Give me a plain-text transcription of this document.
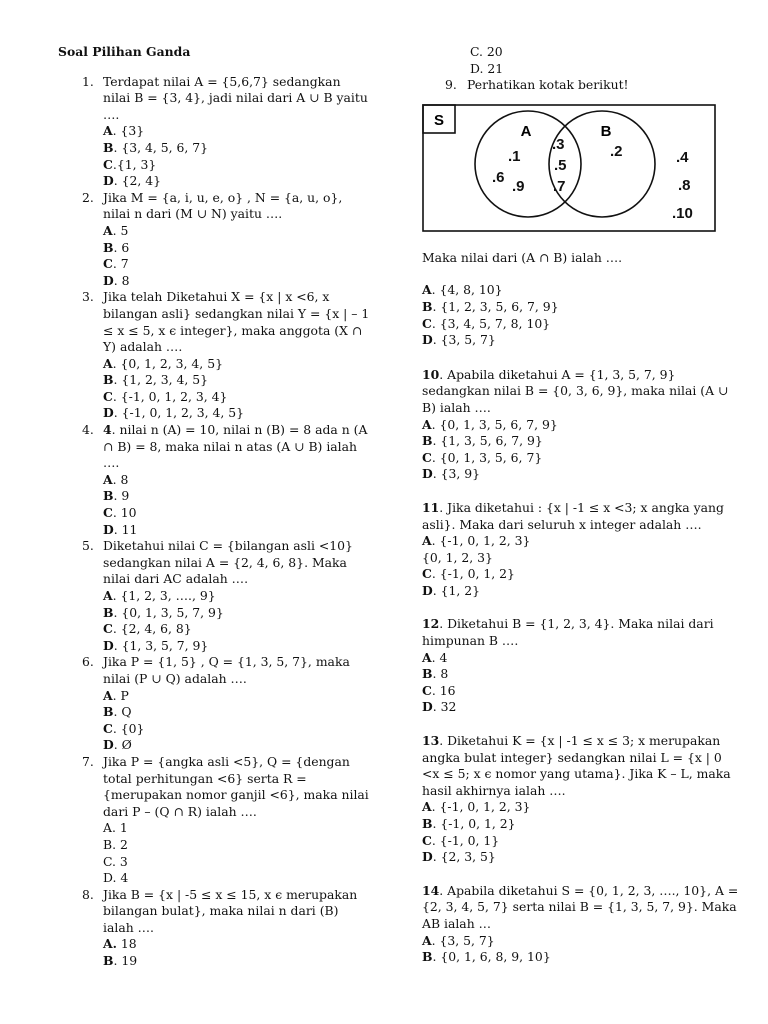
Soal Pilihan Ganda
1. Terdapat nilai A = {5,6,7} sedangkan nilai B = {3, 4}, jadi nilai dari A ∪ B yaitu ….
A. {3}
B. {3, 4, 5, 6, 7}
C.{1, 3}
D. {2, 4}
2. Jika M = {a, i, u, e, o} , N = {a, u, o}, nilai n dari (M ∪ N) yaitu ….
A. 5
B. 6
C. 7
D. 8
3. Jika telah Diketahui X = {x | x <6, x bilangan asli} sedangkan nilai Y = {x | – 1 ≤ x ≤ 5, x ϵ integer}, maka anggota (X ∩ Y) adalah ….
A. {0, 1, 2, 3, 4, 5}
B. {1, 2, 3, 4, 5}
C. {-1, 0, 1, 2, 3, 4}
D. {-1, 0, 1, 2, 3, 4, 5}
4. 4. nilai n (A) = 10, nilai n (B) = 8 ada n (A ∩ B) = 8, maka nilai n atas (A ∪ B) ialah ….
A. 8
B. 9
C. 10
D. 11
5. Diketahui nilai C = {bilangan asli <10} sedangkan nilai A = {2, 4, 6, 8}. Maka nilai dari AC adalah ….
A. {1, 2, 3, …., 9}
B. {0, 1, 3, 5, 7, 9}
C. {2, 4, 6, 8}
D. {1, 3, 5, 7, 9}
6. Jika P = {1, 5} , Q = {1, 3, 5, 7}, maka nilai (P ∪ Q) adalah ….
A. P
B. Q
C. {0}
D. Ø
7. Jika P = {angka asli <5}, Q = {dengan total perhitungan <6} serta R = {merupakan nomor ganjil <6}, maka nilai dari P – (Q ∩ R) ialah ….
A. 1
B. 2
C. 3
D. 4
8. Jika B = {x | -5 ≤ x ≤ 15, x ϵ merupakan bilangan bulat}, maka nilai n dari (B) ialah ….
A. 18
B. 19
C. 20
D. 21
9. Perhatikan kotak berikut!
S
A	B
.1
.6
.9
.3
.5
.7
.2	.4
.8
.10
Maka nilai dari (A ∩ B) ialah ….
A. {4, 8, 10}
B. {1, 2, 3, 5, 6, 7, 9}
C. {3, 4, 5, 7, 8, 10}
D. {3, 5, 7}
10. Apabila diketahui A = {1, 3, 5, 7, 9} sedangkan nilai B = {0, 3, 6, 9}, maka nilai (A ∪ B) ialah ….
A. {0, 1, 3, 5, 6, 7, 9}
B. {1, 3, 5, 6, 7, 9}
C. {0, 1, 3, 5, 6, 7}
D. {3, 9}
11. Jika diketahui : {x | -1 ≤ x <3; x angka yang asli}. Maka dari seluruh x integer adalah ….
A. {-1, 0, 1, 2, 3}
{0, 1, 2, 3}
C. {-1, 0, 1, 2}
D. {1, 2}
12. Diketahui B = {1, 2, 3, 4}. Maka nilai dari himpunan B ….
A. 4
B. 8
C. 16
D. 32
13. Diketahui K = {x | -1 ≤ x ≤ 3; x merupakan angka bulat integer} sedangkan nilai L = {x | 0 <x ≤ 5; x ϵ nomor yang utama}. Jika K – L, maka hasil akhirnya ialah ….
A. {-1, 0, 1, 2, 3}
B. {-1, 0, 1, 2}
C. {-1, 0, 1}
D. {2, 3, 5}
14. Apabila diketahui S = {0, 1, 2, 3, …., 10}, A = {2, 3, 4, 5, 7} serta nilai B = {1, 3, 5, 7, 9}. Maka AB ialah …
A. {3, 5, 7}
B. {0, 1, 6, 8, 9, 10}
